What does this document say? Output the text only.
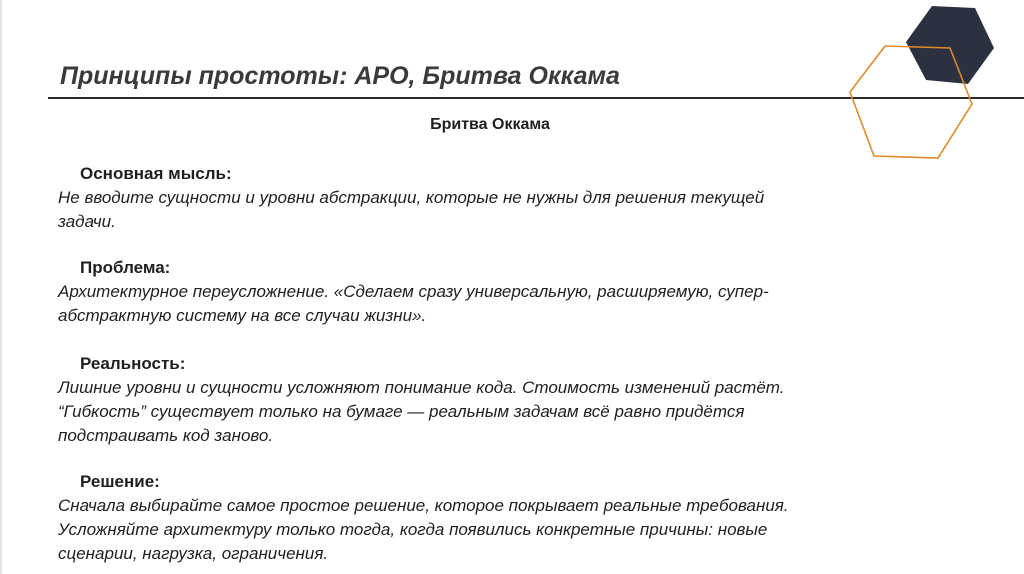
Принципы простоты: АРО, Бритва Оккама
Бритва Оккама
Основная мысль:
Не вводите сущности и уровни абстракции, которые не нужны для решения текущей
задачи.
Проблема:
Архитектурное переусложнение. «Сделаем сразу универсальную, расширяемую, супер-
абстрактную систему на все случаи жизни».
Реальность:
Лишние уровни и сущности усложняют понимание кода. Стоимость изменений растёт.
“Гибкость” существует только на бумаге — реальным задачам всё равно придётся
подстраивать код заново.
Решение:
Сначала выбирайте самое простое решение, которое покрывает реальные требования.
Усложняйте архитектуру только тогда, когда появились конкретные причины: новые
сценарии, нагрузка, ограничения.
